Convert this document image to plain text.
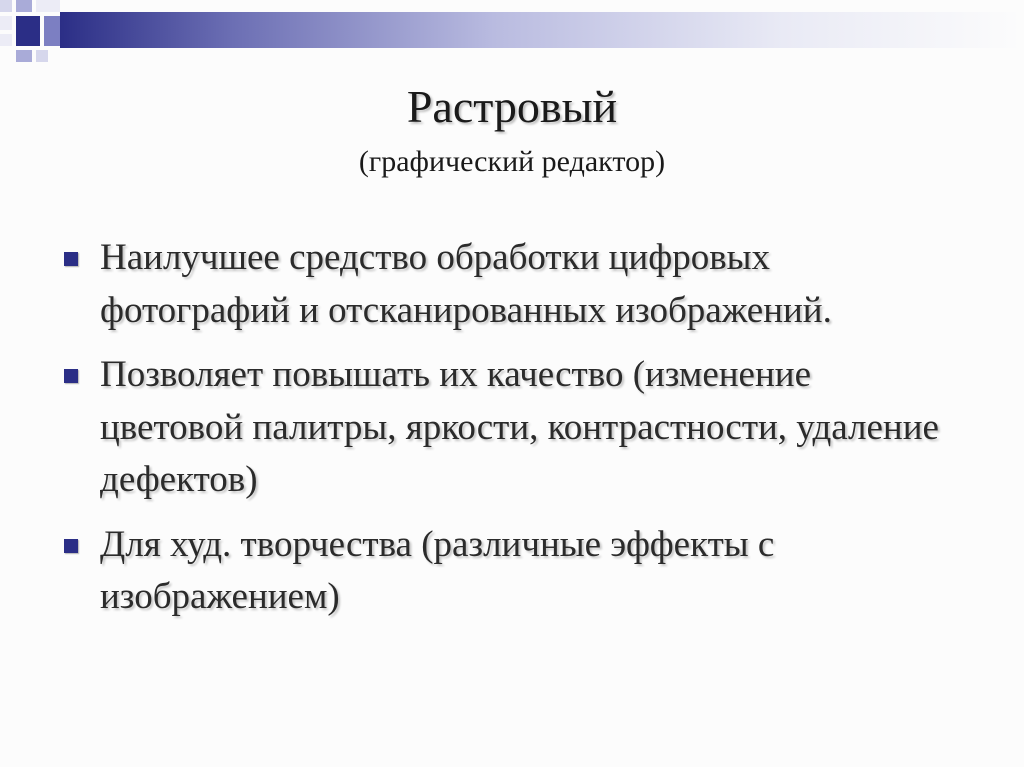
Растровый
(графический редактор)
Наилучшее средство обработки цифровых фотографий и отсканированных изображений.
Позволяет повышать их качество (изменение цветовой палитры, яркости, контрастности, удаление дефектов)
Для худ. творчества (различные эффекты с изображением)
